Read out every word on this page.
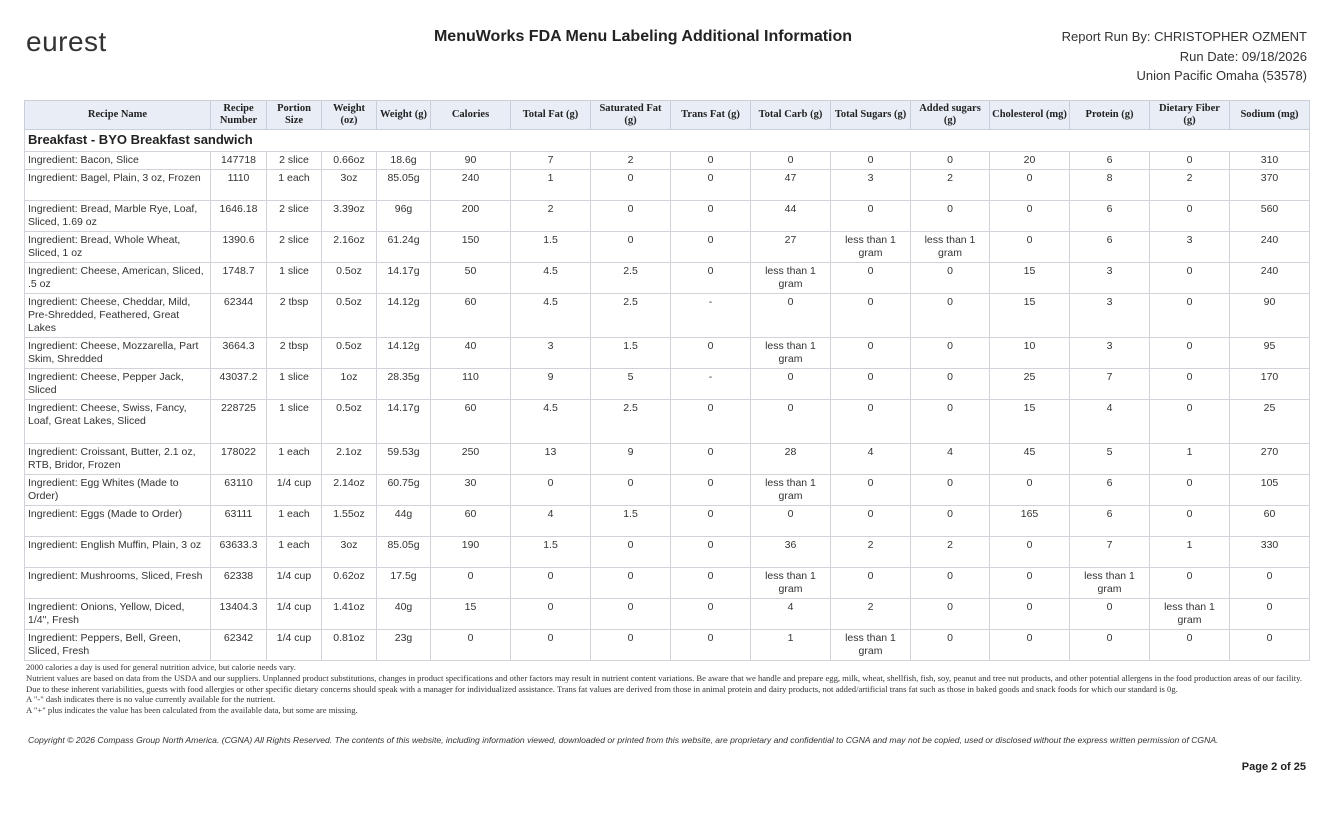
eurest	MenuWorks FDA Menu Labeling Additional Information	Report Run By: CHRISTOPHER OZMENT
Run Date: 09/18/2026
Union Pacific Omaha (53578)
Recipe Name	Recipe Number	Portion Size	Weight (oz)	Weight (g)	Calories	Total Fat (g)	Saturated Fat (g)	Trans Fat (g)	Total Carb (g)	Total Sugars (g)	Added sugars (g)	Cholesterol (mg)	Protein (g)	Dietary Fiber (g)	Sodium (mg)
Breakfast - BYO Breakfast sandwich															
Ingredient: Bacon, Slice	147718	2 slice	0.66oz	18.6g	90	7	2	0	0	0	0	20	6	0	310
Ingredient: Bagel, Plain, 3 oz, Frozen	1110	1 each	3oz	85.05g	240	1	0	0	47	3	2	0	8	2	370
Ingredient: Bread, Marble Rye, Loaf, Sliced, 1.69 oz	1646.18	2 slice	3.39oz	96g	200	2	0	0	44	0	0	0	6	0	560
Ingredient: Bread, Whole Wheat, Sliced, 1 oz	1390.6	2 slice	2.16oz	61.24g	150	1.5	0	0	27	less than 1 gram	less than 1 gram	0	6	3	240
Ingredient: Cheese, American, Sliced, .5 oz	1748.7	1 slice	0.5oz	14.17g	50	4.5	2.5	0	less than 1 gram	0	0	15	3	0	240
Ingredient: Cheese, Cheddar, Mild, Pre-Shredded, Feathered, Great Lakes	62344	2 tbsp	0.5oz	14.12g	60	4.5	2.5	-	0	0	0	15	3	0	90
Ingredient: Cheese, Mozzarella, Part Skim, Shredded	3664.3	2 tbsp	0.5oz	14.12g	40	3	1.5	0	less than 1 gram	0	0	10	3	0	95
Ingredient: Cheese, Pepper Jack, Sliced	43037.2	1 slice	1oz	28.35g	110	9	5	-	0	0	0	25	7	0	170
Ingredient: Cheese, Swiss, Fancy, Loaf, Great Lakes, Sliced	228725	1 slice	0.5oz	14.17g	60	4.5	2.5	0	0	0	0	15	4	0	25
Ingredient: Croissant, Butter, 2.1 oz, RTB, Bridor, Frozen	178022	1 each	2.1oz	59.53g	250	13	9	0	28	4	4	45	5	1	270
Ingredient: Egg Whites (Made to Order)	63110	1/4 cup	2.14oz	60.75g	30	0	0	0	less than 1 gram	0	0	0	6	0	105
Ingredient: Eggs (Made to Order)	63111	1 each	1.55oz	44g	60	4	1.5	0	0	0	0	165	6	0	60
Ingredient: English Muffin, Plain, 3 oz	63633.3	1 each	3oz	85.05g	190	1.5	0	0	36	2	2	0	7	1	330
Ingredient: Mushrooms, Sliced, Fresh	62338	1/4 cup	0.62oz	17.5g	0	0	0	0	less than 1 gram	0	0	0	less than 1 gram	0	0
Ingredient: Onions, Yellow, Diced, 1/4", Fresh	13404.3	1/4 cup	1.41oz	40g	15	0	0	0	4	2	0	0	0	less than 1 gram	0
Ingredient: Peppers, Bell, Green, Sliced, Fresh	62342	1/4 cup	0.81oz	23g	0	0	0	0	1	less than 1 gram	0	0	0	0	0

2000 calories a day is used for general nutrition advice, but calorie needs vary.

Nutrient values are based on data from the USDA and our suppliers. Unplanned product substitutions, changes in product specifications and other factors may result in nutrient content variations. Be aware that we handle and prepare egg, milk, wheat, shellfish, fish, soy, peanut and tree nut products, and other potential allergens in the food production areas of our facility. Due to these inherent variabilities, guests with food allergies or other specific dietary concerns should speak with a manager for individualized assistance. Trans fat values are derived from those in animal protein and dairy products, not added/artificial trans fat such as those in baked goods and snack foods for which our standard is 0g.

A "-" dash indicates there is no value currently available for the nutrient.

A "+" plus indicates the value has been calculated from the available data, but some are missing.

Copyright © 2026 Compass Group North America. (CGNA) All Rights Reserved. The contents of this website, including information viewed, downloaded or printed from this website, are proprietary and confidential to CGNA and may not be copied, used or disclosed without the express written permission of CGNA.
Page 2 of 25
